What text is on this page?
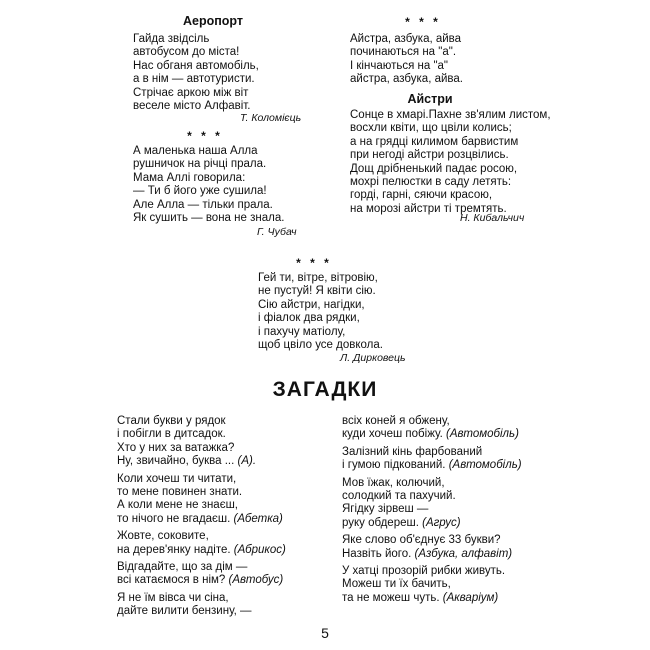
Аеропорт
Гайда звідсіль
автобусом до міста!
Нас обганя автомобіль,
а в нім — автотуристи.
Стрічає аркою між віт
веселе місто Алфавіт.
Т. Коломієць
* * *
А маленька наша Алла
рушничок на річці прала.
Мама Аллі говорила:
— Ти б його уже сушила!
Але Алла — тільки прала.
Як сушить — вона не знала.
Г. Чубач
* * *
Айстра, азбука, айва
починаються на "а".
І кінчаються на "а"
айстра, азбука, айва.
Айстри
Сонце в хмарі.Пахне зв'ялим листом,
восхли квіти, що цвіли колись;
а на грядці килимом барвистим
при негоді айстри розцвілись.
Дощ дрібненький падає росою,
мохрі пелюстки в саду летять:
горді, гарні, сяючи красою,
на морозі айстри ті тремтять.
Н. Кибальчич
* * *
Гей ти, вітре, вітровію,
не пустуй! Я квіти сію.
Сію айстри, нагідки,
і фіалок два рядки,
і пахучу матіолу,
щоб цвіло усе довкола.
Л. Дирковець
ЗАГАДКИ
Стали букви у рядок
і побігли в дитсадок.
Хто у них за ватажка?
Ну, звичайно, буква ... (А).
Коли хочеш ти читати,
то мене повинен знати.
А коли мене не знаєш,
то нічого не вгадаєш. (Абетка)
Жовте, соковите,
на дерев'янку надіте. (Абрикос)
Відгадайте, що за дім —
всі катаємося в нім? (Автобус)
Я не їм вівса чи сіна,
дайте вилити бензину, —
всіх коней я обжену,
куди хочеш побіжу. (Автомобіль)
Залізний кінь фарбований
і гумою підкований. (Автомобіль)
Мов їжак, колючий,
солодкий та пахучий.
Ягідку зірвеш —
руку обдереш. (Агрус)
Яке слово об'єднує 33 букви?
Назвіть його. (Азбука, алфавіт)
У хатці прозорій рибки живуть.
Можеш ти їх бачить,
та не можеш чуть. (Акваріум)
5
